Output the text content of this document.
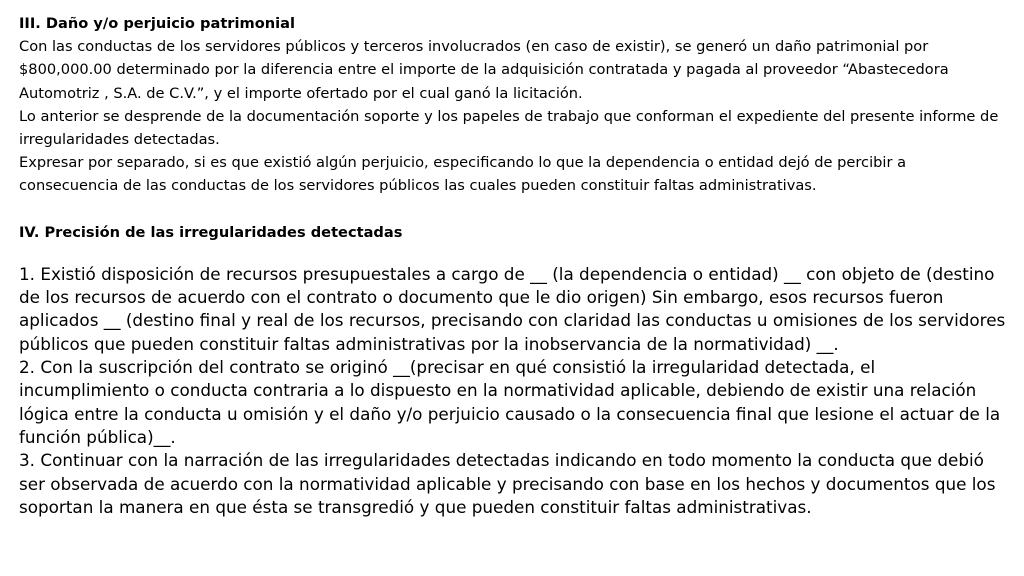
III. Daño y/o perjuicio patrimonial

Con las conductas de los servidores públicos y terceros involucrados (en caso de existir), se generó un daño patrimonial por $800,000.00 determinado por la diferencia entre el importe de la adquisición contratada y pagada al proveedor “Abastecedora Automotriz , S.A. de C.V.”, y el importe ofertado por el cual ganó la licitación.

Lo anterior se desprende de la documentación soporte y los papeles de trabajo que conforman el expediente del presente informe de irregularidades detectadas.

Expresar por separado, si es que existió algún perjuicio, especificando lo que la dependencia o entidad dejó de percibir a consecuencia de las conductas de los servidores públicos las cuales pueden constituir faltas administrativas.

IV. Precisión de las irregularidades detectadas

1. Existió disposición de recursos presupuestales a cargo de __ (la dependencia o entidad) __ con objeto de (destino de los recursos de acuerdo con el contrato o documento que le dio origen) Sin embargo, esos recursos fueron aplicados __ (destino final y real de los recursos, precisando con claridad las conductas u omisiones de los servidores públicos que pueden constituir faltas administrativas por la inobservancia de la normatividad) __.

2. Con la suscripción del contrato se originó __(precisar en qué consistió la irregularidad detectada, el incumplimiento o conducta contraria a lo dispuesto en la normatividad aplicable, debiendo de existir una relación lógica entre la conducta u omisión y el daño y/o perjuicio causado o la consecuencia final que lesione el actuar de la función pública)__.

3. Continuar con la narración de las irregularidades detectadas indicando en todo momento la conducta que debió ser observada de acuerdo con la normatividad aplicable y precisando con base en los hechos y documentos que los soportan la manera en que ésta se transgredió y que pueden constituir faltas administrativas.
